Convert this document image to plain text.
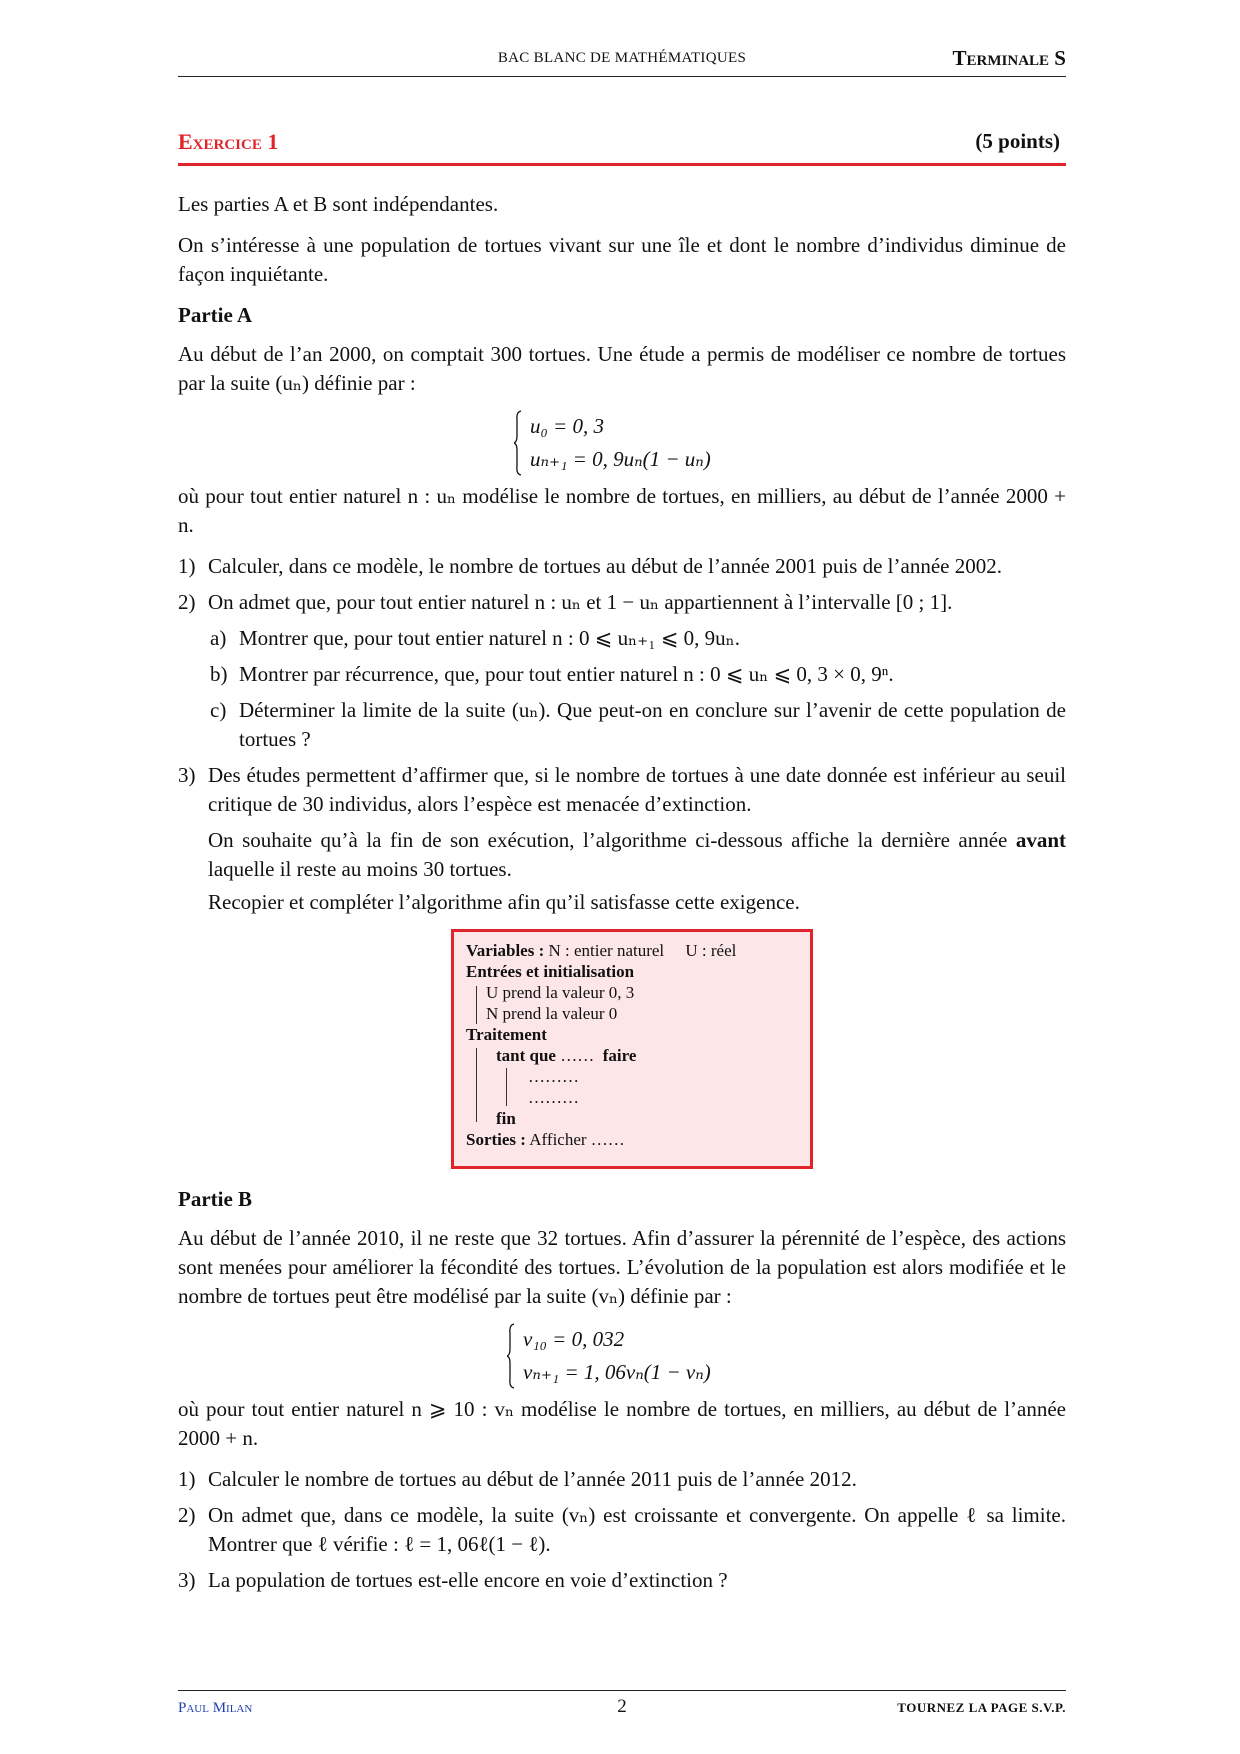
BAC BLANC DE MATHÉMATIQUES	Terminale S
Exercice 1	(5 points)

Les parties A et B sont indépendantes.

On s’intéresse à une population de tortues vivant sur une île et dont le nombre d’individus diminue de façon inquiétante.

Partie A

Au début de l’an 2000, on comptait 300 tortues. Une étude a permis de modéliser ce nombre de tortues par la suite (uₙ) définie par :

u₀ = 0, 3
uₙ₊₁ = 0, 9uₙ(1 − uₙ)

où pour tout entier naturel n : uₙ modélise le nombre de tortues, en milliers, au début de l’année 2000 + n.

1) Calculer, dans ce modèle, le nombre de tortues au début de l’année 2001 puis de l’année 2002.
2) On admet que, pour tout entier naturel n : uₙ et 1 − uₙ appartiennent à l’intervalle [0 ; 1].
a) Montrer que, pour tout entier naturel n : 0 ⩽ uₙ₊₁ ⩽ 0, 9uₙ.
b) Montrer par récurrence, que, pour tout entier naturel n : 0 ⩽ uₙ ⩽ 0, 3 × 0, 9ⁿ.
c) Déterminer la limite de la suite (uₙ). Que peut-on en conclure sur l’avenir de cette population de tortues ?
3) Des études permettent d’affirmer que, si le nombre de tortues à une date donnée est inférieur au seuil critique de 30 individus, alors l’espèce est menacée d’extinction.
On souhaite qu’à la fin de son exécution, l’algorithme ci-dessous affiche la dernière année avant laquelle il reste au moins 30 tortues.
Recopier et compléter l’algorithme afin qu’il satisfasse cette exigence.
Variables : N : entier naturel     U : réel
Entrées et initialisation
U prend la valeur 0, 3
N prend la valeur 0
Traitement
tant que …… faire
………
………
fin
Sorties : Afficher ……
Partie B

Au début de l’année 2010, il ne reste que 32 tortues. Afin d’assurer la pérennité de l’espèce, des actions sont menées pour améliorer la fécondité des tortues. L’évolution de la population est alors modifiée et le nombre de tortues peut être modélisé par la suite (vₙ) définie par :

v₁₀ = 0, 032
vₙ₊₁ = 1, 06vₙ(1 − vₙ)

où pour tout entier naturel n ⩾ 10 : vₙ modélise le nombre de tortues, en milliers, au début de l’année 2000 + n.

1) Calculer le nombre de tortues au début de l’année 2011 puis de l’année 2012.
2) On admet que, dans ce modèle, la suite (vₙ) est croissante et convergente. On appelle ℓ sa limite. Montrer que ℓ vérifie : ℓ = 1, 06ℓ(1 − ℓ).
3) La population de tortues est-elle encore en voie d’extinction ?
Paul Milan	2	TOURNEZ LA PAGE S.V.P.
